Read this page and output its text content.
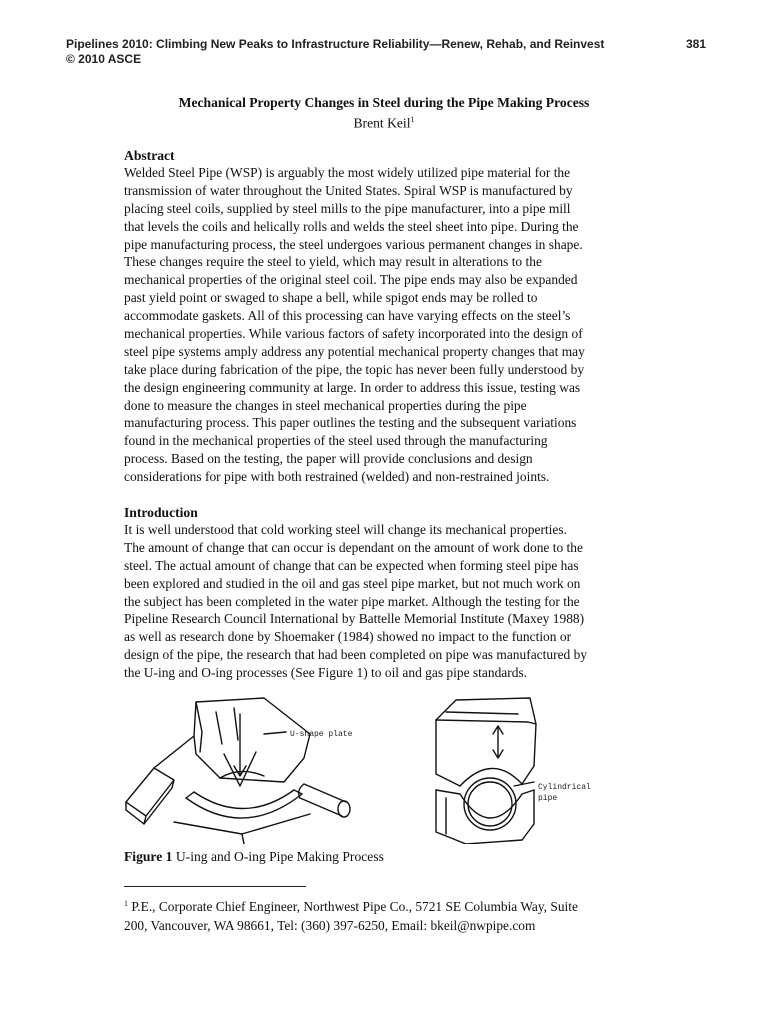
Pipelines 2010: Climbing New Peaks to Infrastructure Reliability—Renew, Rehab, and Reinvest	381
© 2010 ASCE
Mechanical Property Changes in Steel during the Pipe Making Process
Brent Keil$^1$
Abstract
Welded Steel Pipe (WSP) is arguably the most widely utilized pipe material for the
transmission of water throughout the United States. Spiral WSP is manufactured by
placing steel coils, supplied by steel mills to the pipe manufacturer, into a pipe mill
that levels the coils and helically rolls and welds the steel sheet into pipe. During the
pipe manufacturing process, the steel undergoes various permanent changes in shape.
These changes require the steel to yield, which may result in alterations to the
mechanical properties of the original steel coil. The pipe ends may also be expanded
past yield point or swaged to shape a bell, while spigot ends may be rolled to
accommodate gaskets. All of this processing can have varying effects on the steel’s
mechanical properties. While various factors of safety incorporated into the design of
steel pipe systems amply address any potential mechanical property changes that may
take place during fabrication of the pipe, the topic has never been fully understood by
the design engineering community at large. In order to address this issue, testing was
done to measure the changes in steel mechanical properties during the pipe
manufacturing process. This paper outlines the testing and the subsequent variations
found in the mechanical properties of the steel used through the manufacturing
process. Based on the testing, the paper will provide conclusions and design
considerations for pipe with both restrained (welded) and non-restrained joints.
Introduction
It is well understood that cold working steel will change its mechanical properties.
The amount of change that can occur is dependant on the amount of work done to the
steel. The actual amount of change that can be expected when forming steel pipe has
been explored and studied in the oil and gas steel pipe market, but not much work on
the subject has been completed in the water pipe market. Although the testing for the
Pipeline Research Council International by Battelle Memorial Institute (Maxey 1988)
as well as research done by Shoemaker (1984) showed no impact to the function or
design of the pipe, the research that had been completed on pipe was manufactured by
the U-ing and O-ing processes (See Figure 1) to oil and gas pipe standards.
U-shape plate
Cylindrical
pipe
Figure 1 U-ing and O-ing Pipe Making Process
$^1$ P.E., Corporate Chief Engineer, Northwest Pipe Co., 5721 SE Columbia Way, Suite
200, Vancouver, WA 98661, Tel: (360) 397-6250, Email: bkeil@nwpipe.com
